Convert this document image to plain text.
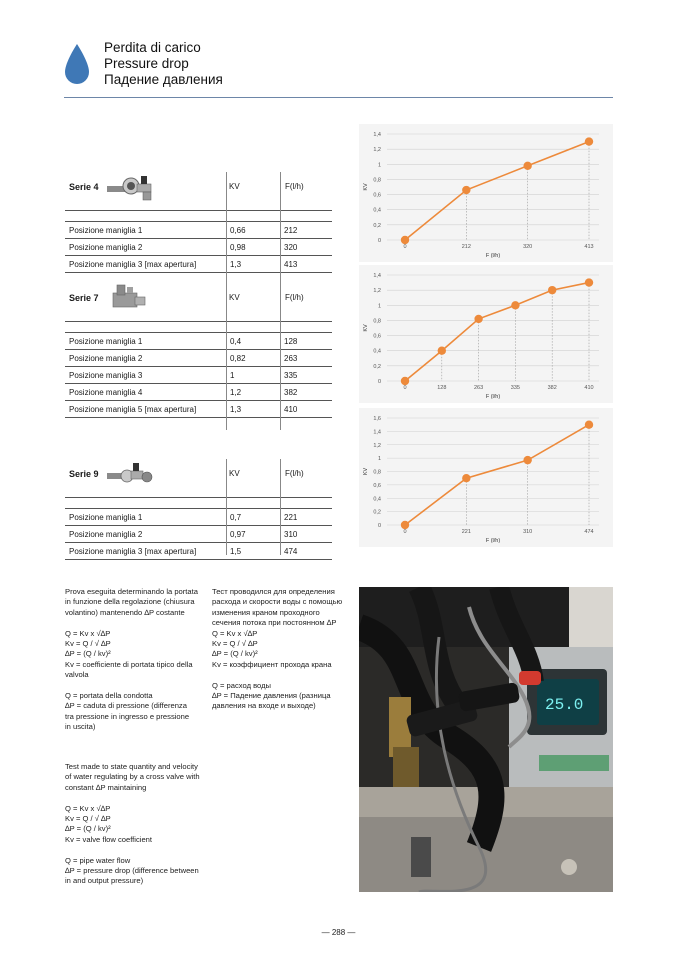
Perdita di carico
Pressure drop
Падение давления
Serie 4	KV	F(l/h)
Posizione maniglia 1	0,66	212
Posizione maniglia 2	0,98	320
Posizione maniglia 3 [max apertura]	1,3	413
Serie 7	KV	F(l/h)
Posizione maniglia 1	0,4	128
Posizione maniglia 2	0,82	263
Posizione maniglia 3	1	335
Posizione maniglia 4	1,2	382
Posizione maniglia 5 [max apertura]	1,3	410
Serie 9	KV	F(l/h)
Posizione maniglia 1	0,7	221
Posizione maniglia 2	0,97	310
Posizione maniglia 3 [max apertura]	1,5	474
0
0,2
0,4
0,6
0,8
1
1,2
1,4
0	212	320	413
F (l/h)
KV
0
0,2
0,4
0,6
0,8
1
1,2
1,4
0	128	263	335	382	410
F (l/h)
KV
0
0,2
0,4
0,6
0,8
1
1,2
1,4
1,6
0	221	310	474
F (l/h)
KV
Prova eseguita determinando la portata
in funzione della regolazione (chiusura
volantino) mantenendo ∆P costante

Q = Kv x √∆P
Kv = Q / √ ∆P
∆P = (Q / kv)²
Kv = coefficiente di portata tipico della
valvola

Q = portata della condotta
∆P = caduta di pressione (differenza
tra pressione in ingresso e pressione
in uscita)
Test made to state quantity and velocity
of water regulating by a cross valve with
constant ∆P maintaining

Q = Kv x √∆P
Kv = Q / √ ∆P
∆P = (Q / kv)²
Kv = valve flow coefficient

Q = pipe water flow
∆P = pressure drop (difference between
in and output pressure)
Тест проводился для определения
расхода и скорости воды с помощью
изменения краном проходного
сечения потока при постоянном ∆P
Q = Kv x √∆P
Kv = Q / √ ∆P
∆P = (Q / kv)²
Kv = коэффициент прохода крана

Q = расход воды
∆P = Падение давления (разница
давления на входе и выходе)	25.0
— 288 —
